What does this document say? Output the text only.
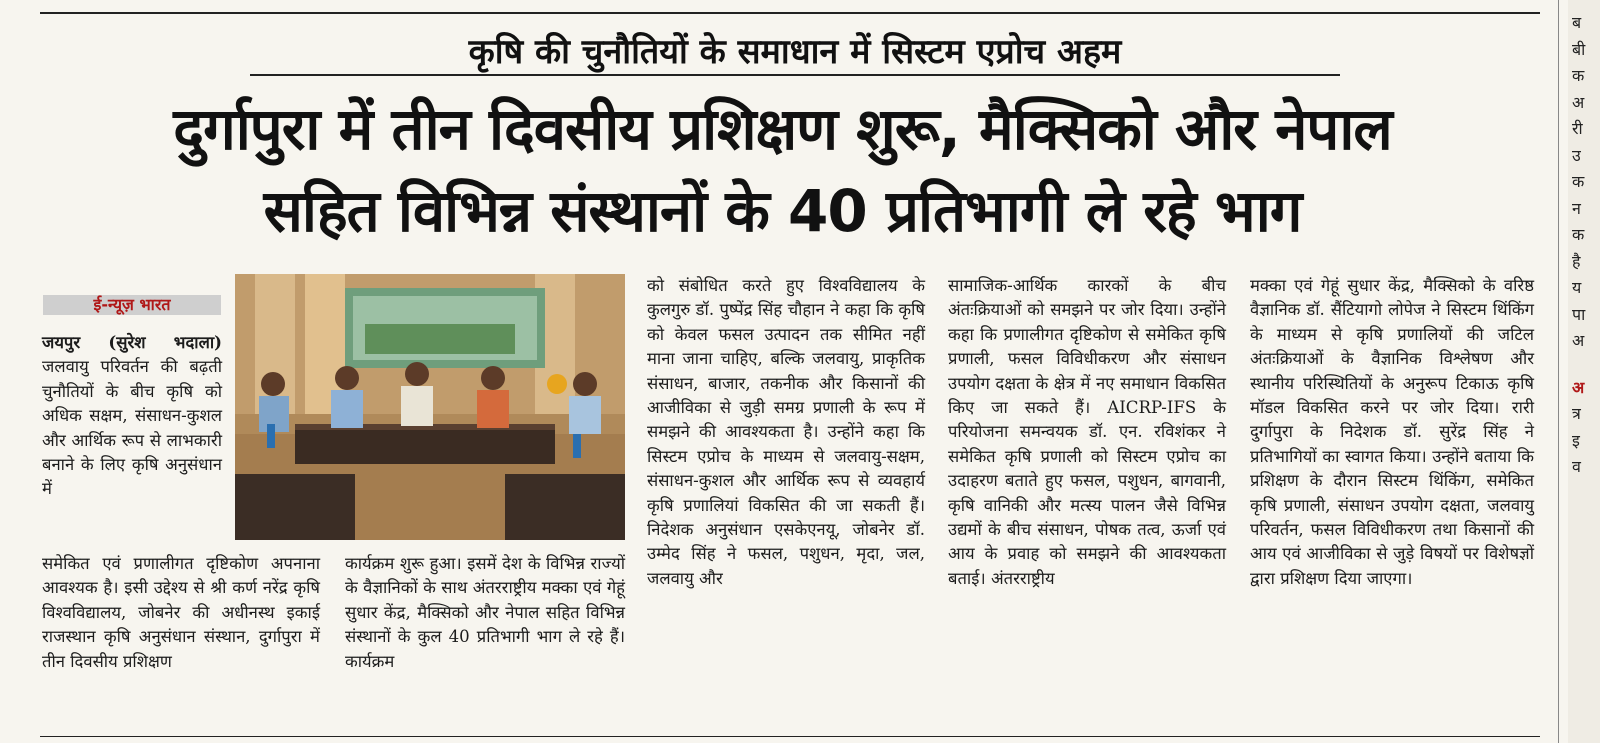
कृषि की चुनौतियों के समाधान में सिस्टम एप्रोच अहम
दुर्गापुरा में तीन दिवसीय प्रशिक्षण शुरू, मैक्सिको और नेपाल
सहित विभिन्न संस्थानों के 40 प्रतिभागी ले रहे भाग
ई-न्यूज़ भारत

जयपुर (सुरेश भदाला) जलवायु परिवर्तन की बढ़ती चुनौतियों के बीच कृषि को अधिक सक्षम, संसाधन-कुशल और आर्थिक रूप से लाभकारी बनाने के लिए कृषि अनुसंधान में

समेकित एवं प्रणालीगत दृष्टिकोण अपनाना आवश्यक है। इसी उद्देश्य से श्री कर्ण नरेंद्र कृषि विश्वविद्यालय, जोबनेर की अधीनस्थ इकाई राजस्थान कृषि अनुसंधान संस्थान, दुर्गापुरा में तीन दिवसीय प्रशिक्षण

कार्यक्रम शुरू हुआ। इसमें देश के विभिन्न राज्यों के वैज्ञानिकों के साथ अंतरराष्ट्रीय मक्का एवं गेहूं सुधार केंद्र, मैक्सिको और नेपाल सहित विभिन्न संस्थानों के कुल 40 प्रतिभागी भाग ले रहे हैं। कार्यक्रम

को संबोधित करते हुए विश्वविद्यालय के कुलगुरु डॉ. पुष्पेंद्र सिंह चौहान ने कहा कि कृषि को केवल फसल उत्पादन तक सीमित नहीं माना जाना चाहिए, बल्कि जलवायु, प्राकृतिक संसाधन, बाजार, तकनीक और किसानों की आजीविका से जुड़ी समग्र प्रणाली के रूप में समझने की आवश्यकता है। उन्होंने कहा कि सिस्टम एप्रोच के माध्यम से जलवायु-सक्षम, संसाधन-कुशल और आर्थिक रूप से व्यवहार्य कृषि प्रणालियां विकसित की जा सकती हैं। निदेशक अनुसंधान एसकेएनयू, जोबनेर डॉ. उम्मेद सिंह ने फसल, पशुधन, मृदा, जल, जलवायु और

सामाजिक-आर्थिक कारकों के बीच अंतःक्रियाओं को समझने पर जोर दिया। उन्होंने कहा कि प्रणालीगत दृष्टिकोण से समेकित कृषि प्रणाली, फसल विविधीकरण और संसाधन उपयोग दक्षता के क्षेत्र में नए समाधान विकसित किए जा सकते हैं। AICRP-IFS के परियोजना समन्वयक डॉ. एन. रविशंकर ने समेकित कृषि प्रणाली को सिस्टम एप्रोच का उदाहरण बताते हुए फसल, पशुधन, बागवानी, कृषि वानिकी और मत्स्य पालन जैसे विभिन्न उद्यमों के बीच संसाधन, पोषक तत्व, ऊर्जा एवं आय के प्रवाह को समझने की आवश्यकता बताई। अंतरराष्ट्रीय

मक्का एवं गेहूं सुधार केंद्र, मैक्सिको के वरिष्ठ वैज्ञानिक डॉ. सैंटियागो लोपेज ने सिस्टम थिंकिंग के माध्यम से कृषि प्रणालियों की जटिल अंतःक्रियाओं के वैज्ञानिक विश्लेषण और स्थानीय परिस्थितियों के अनुरूप टिकाऊ कृषि मॉडल विकसित करने पर जोर दिया। रारी दुर्गापुरा के निदेशक डॉ. सुरेंद्र सिंह ने प्रतिभागियों का स्वागत किया। उन्होंने बताया कि प्रशिक्षण के दौरान सिस्टम थिंकिंग, समेकित कृषि प्रणाली, संसाधन उपयोग दक्षता, जलवायु परिवर्तन, फसल विविधीकरण तथा किसानों की आय एवं आजीविका से जुड़े विषयों पर विशेषज्ञों द्वारा प्रशिक्षण दिया जाएगा।

ब
बी
क
अ
री
उ
क
न
क
है
य
पा
अ
अ
त्र
इ
व
